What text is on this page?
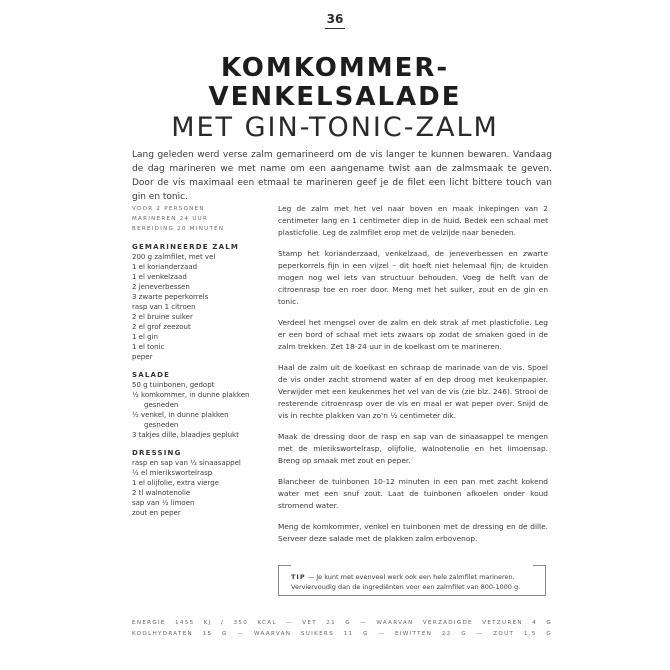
36
KOMKOMMER-
VENKELSALADE
MET GIN-TONIC-ZALM
Lang geleden werd verse zalm gemarineerd om de vis langer te kunnen bewaren. Vandaag de dag marineren we met name om een aangename twist aan de zalmsmaak te geven. Door de vis maximaal een etmaal te marineren geef je de filet een licht bittere touch van gin en tonic.
VOOR 2 PERSONEN
MARINEREN 24 UUR
BEREIDING 20 MINUTEN
GEMARINEERDE ZALM
200 g zalmfilet, met vel
1 el korianderzaad
1 el venkelzaad
2 jeneverbessen
3 zwarte peperkorrels
rasp van 1 citroen
2 el bruine suiker
2 el grof zeezout
1 el gin
1 el tonic
peper
SALADE
50 g tuinbonen, gedopt
½ komkommer, in dunne plakken
gesneden
½ venkel, in dunne plakken
gesneden
3 takjes dille, blaadjes geplukt
DRESSING
rasp en sap van ½ sinaasappel
½ el mierikswortelrasp
1 el olijfolie, extra vierge
2 tl walnotenolie
sap van ½ limoen
zout en peper

Leg de zalm met het vel naar boven en maak inkepingen van 2 centimeter lang en 1 centimeter diep in de huid. Bedek een schaal met plasticfolie. Leg de zalmfilet erop met de velzijde naar beneden.

Stamp het korianderzaad, venkelzaad, de jeneverbessen en zwarte peperkorrels fijn in een vijzel – dit hoeft niet helemaal fijn; de kruiden mogen nog wel iets van structuur behouden. Voeg de helft van de citroenrasp toe en roer door. Meng met het suiker, zout en de gin en tonic.

Verdeel het mengsel over de zalm en dek strak af met plasticfolie. Leg er een bord of schaal met iets zwaars op zodat de smaken goed in de zalm trekken. Zet 18-24 uur in de koelkast om te marineren.

Haal de zalm uit de koelkast en schraap de marinade van de vis. Spoel de vis onder zacht stromend water af en dep droog met keukenpapier. Verwijder met een keukenmes het vel van de vis (zie blz. 246). Strooi de resterende citroenrasp over de vis en maal er wat peper over. Snijd de vis in rechte plakken van zo'n ½ centimeter dik.

Maak de dressing door de rasp en sap van de sinaasappel te mengen met de mierikswortelrasp, olijfolie, walnotenolie en het limoensap. Breng op smaak met zout en peper.

Blancheer de tuinbonen 10-12 minuten in een pan met zacht kokend water met een snuf zout. Laat de tuinbonen afkoelen onder koud stromend water.

Meng de komkommer, venkel en tuinbonen met de dressing en de dille. Serveer deze salade met de plakken zalm erbovenop.

TIP — Je kunt met evenveel werk ook een hele zalmfilet marineren. Verviervoudig dan de ingrediënten voor een zalmfilet van 800-1000 g.
ENERGIE 1455 KJ / 350 KCAL — VET 21 G — WAARVAN VERZADIGDE VETZUREN 4 G
KOOLHYDRATEN 15 G — WAARVAN SUIKERS 11 G — EIWITTEN 22 G — ZOUT 1,5 G
